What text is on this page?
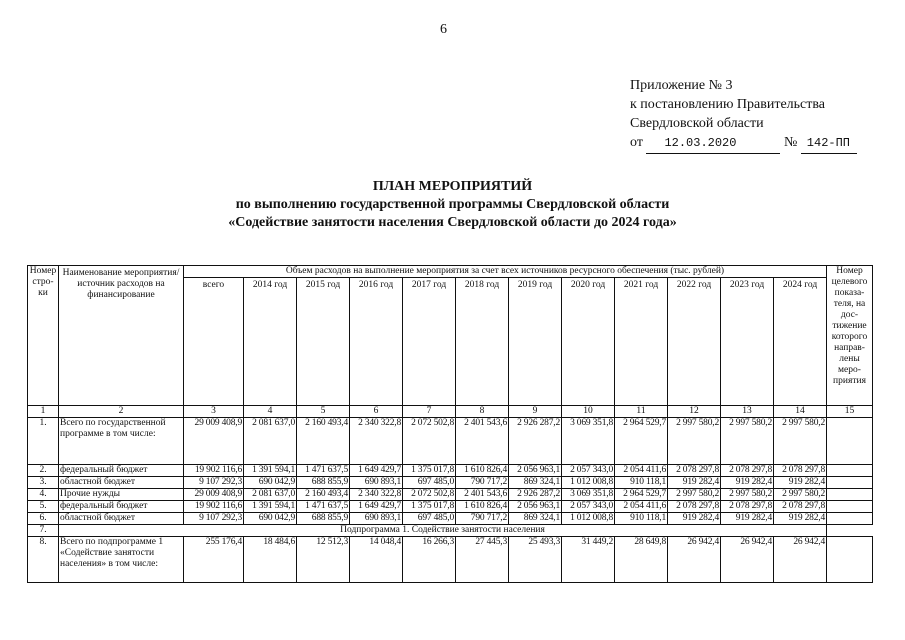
6
Приложение № 3
к постановлению Правительства
Свердловской области
от 12.03.2020	№ 142-ПП
ПЛАН МЕРОПРИЯТИЙ
по выполнению государственной программы Свердловской области
«Содействие занятости населения Свердловской области до 2024 года»
Номер стро-ки	Наименование мероприятия/ источник расходов на финансирование	Объем расходов на выполнение мероприятия за счет всех источников ресурсного обеспечения (тыс. рублей)												Номер целевого показа-теля, на дос-тижение которого направ-лены меро-приятия
		всего	2014 год	2015 год	2016 год	2017 год	2018 год	2019 год	2020 год	2021 год	2022 год	2023 год	2024 год	
1	2	3	4	5	6	7	8	9	10	11	12	13	14	15
1.	Всего по государственной программе в том числе:	29 009 408,9	2 081 637,0	2 160 493,4	2 340 322,8	2 072 502,8	2 401 543,6	2 926 287,2	3 069 351,8	2 964 529,7	2 997 580,2	2 997 580,2	2 997 580,2	
2.	федеральный бюджет	19 902 116,6	1 391 594,1	1 471 637,5	1 649 429,7	1 375 017,8	1 610 826,4	2 056 963,1	2 057 343,0	2 054 411,6	2 078 297,8	2 078 297,8	2 078 297,8	
3.	областной бюджет	9 107 292,3	690 042,9	688 855,9	690 893,1	697 485,0	790 717,2	869 324,1	1 012 008,8	910 118,1	919 282,4	919 282,4	919 282,4	
4.	Прочие нужды	29 009 408,9	2 081 637,0	2 160 493,4	2 340 322,8	2 072 502,8	2 401 543,6	2 926 287,2	3 069 351,8	2 964 529,7	2 997 580,2	2 997 580,2	2 997 580,2	
5.	федеральный бюджет	19 902 116,6	1 391 594,1	1 471 637,5	1 649 429,7	1 375 017,8	1 610 826,4	2 056 963,1	2 057 343,0	2 054 411,6	2 078 297,8	2 078 297,8	2 078 297,8	
6.	областной бюджет	9 107 292,3	690 042,9	688 855,9	690 893,1	697 485,0	790 717,2	869 324,1	1 012 008,8	910 118,1	919 282,4	919 282,4	919 282,4	
7.	Подпрограмма 1. Содействие занятости населения													
8.	Всего по подпрограмме 1 «Содействие занятости населения» в том числе:	255 176,4	18 484,6	12 512,3	14 048,4	16 266,3	27 445,3	25 493,3	31 449,2	28 649,8	26 942,4	26 942,4	26 942,4	
